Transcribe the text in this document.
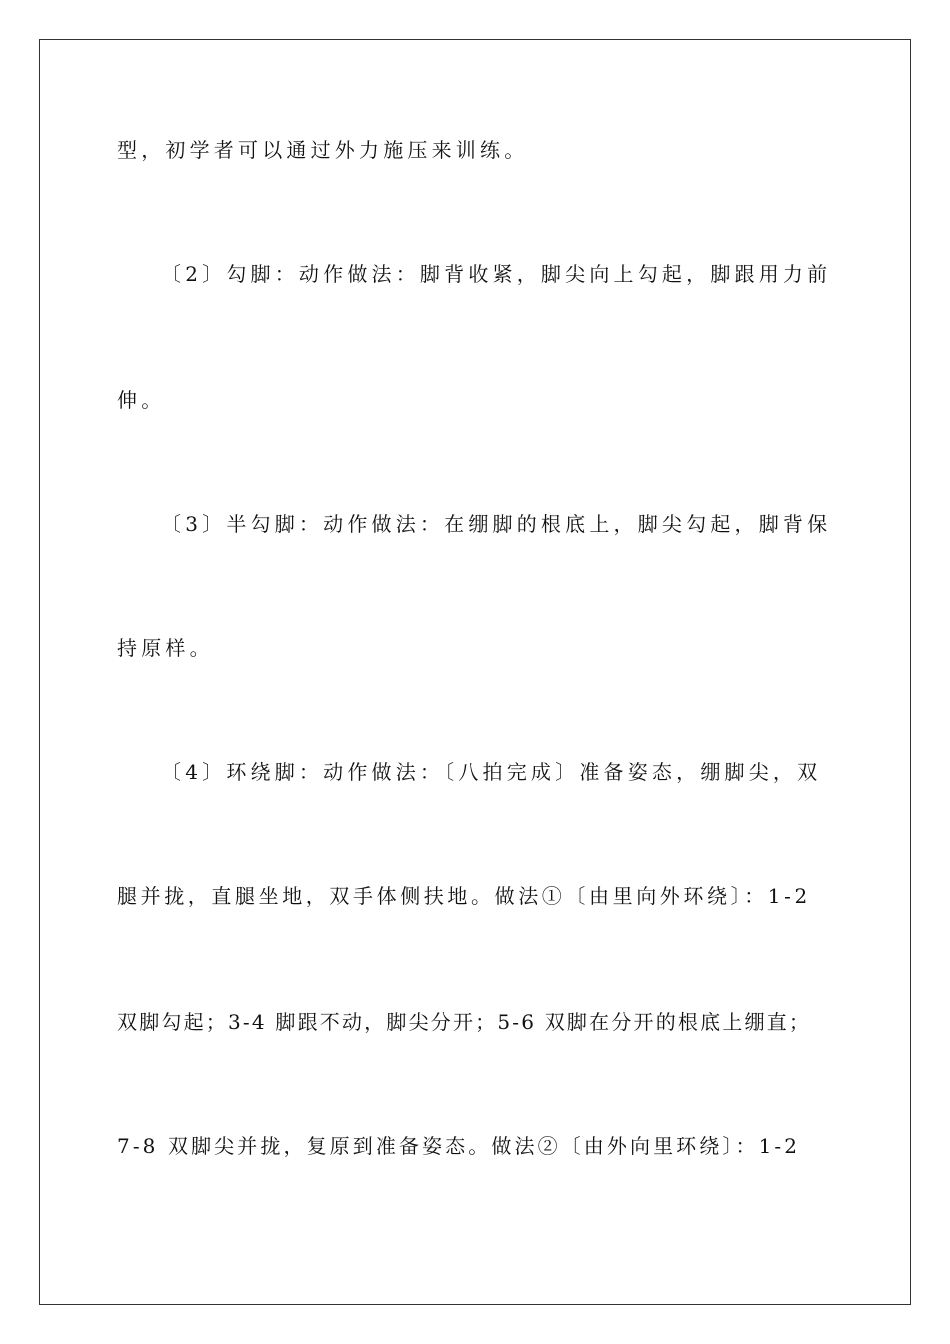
型，初学者可以通过外力施压来训练。
〔2〕勾脚：动作做法：脚背收紧，脚尖向上勾起，脚跟用力前
伸。
〔3〕半勾脚：动作做法：在绷脚的根底上，脚尖勾起，脚背保
持原样。
〔4〕环绕脚：动作做法：〔八拍完成〕准备姿态，绷脚尖，双
腿并拢，直腿坐地，双手体侧扶地。做法①〔由里向外环绕〕：1-2
双脚勾起；3-4 脚跟不动，脚尖分开；5-6 双脚在分开的根底上绷直；
7-8 双脚尖并拢，复原到准备姿态。做法②〔由外向里环绕〕：1-2
